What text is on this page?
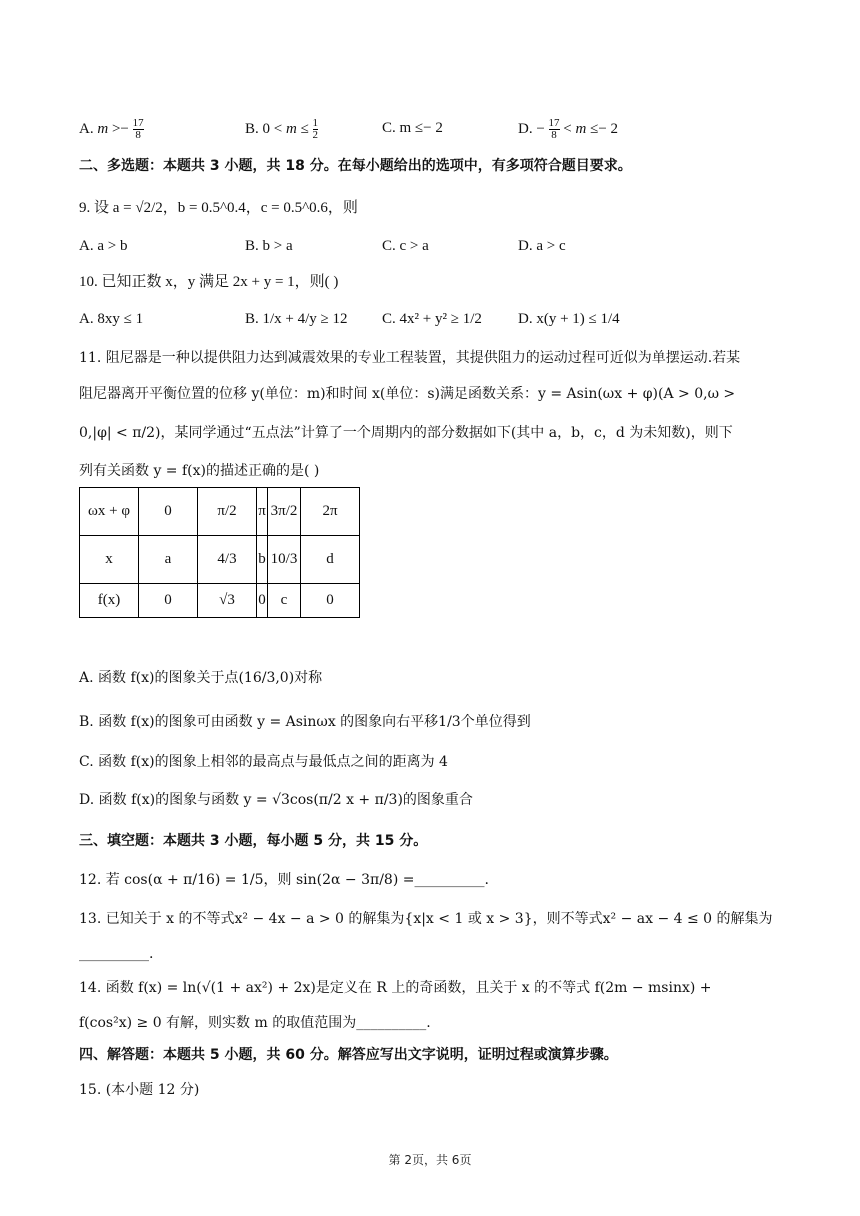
A. $m >- \frac{17}{8}$	B. $0 < m \le \frac{1}{2}$	C. m ≤− 2	D. − $\frac{17}{8} < m \le- 2$
二、多选题：本题共 3 小题，共 18 分。在每小题给出的选项中，有多项符合题目要求。
9. 设 a = √2/2，b = 0.5^0.4，c = 0.5^0.6，则
A. a > b	B. b > a	C. c > a	D. a > c
10. 已知正数 x，y 满足 2x + y = 1，则( )
A. 8xy ≤ 1	B. 1/x + 4/y ≥ 12 C. 4x² + y² ≥ 1/2 D. x(y + 1) ≤ 1/4
11. 阻尼器是一种以提供阻力达到减震效果的专业工程装置，其提供阻力的运动过程可近似为单摆运动.若某
阻尼器离开平衡位置的位移 y(单位：m)和时间 x(单位：s)满足函数关系：y = Asin(ωx + φ)(A > 0,ω >
0,|φ| < π/2)，某同学通过“五点法”计算了一个周期内的部分数据如下(其中 a，b，c，d 为未知数)，则下
列有关函数 y = f(x)的描述正确的是( )
ωx + φ	0	π/2	π	3π/2	2π
x	a	4/3	b	10/3	d
f(x)	0	√3	0	c	0
A. 函数 f(x)的图象关于点(16/3,0)对称
B. 函数 f(x)的图象可由函数 y = Asinωx 的图象向右平移1/3个单位得到
C. 函数 f(x)的图象上相邻的最高点与最低点之间的距离为 4
D. 函数 f(x)的图象与函数 y = √3cos(π/2 x + π/3)的图象重合
三、填空题：本题共 3 小题，每小题 5 分，共 15 分。
12. 若 cos(α + π/16) = 1/5，则 sin(2α − 3π/8) =__________.
13. 已知关于 x 的不等式x² − 4x − a > 0 的解集为{x|x < 1 或 x > 3}，则不等式x² − ax − 4 ≤ 0 的解集为
__________.
14. 函数 f(x) = ln(√(1 + ax²) + 2x)是定义在 R 上的奇函数，且关于 x 的不等式 f(2m − msinx) +
f(cos²x) ≥ 0 有解，则实数 m 的取值范围为__________.
四、解答题：本题共 5 小题，共 60 分。解答应写出文字说明，证明过程或演算步骤。
15. (本小题 12 分)
第 2页，共 6页
